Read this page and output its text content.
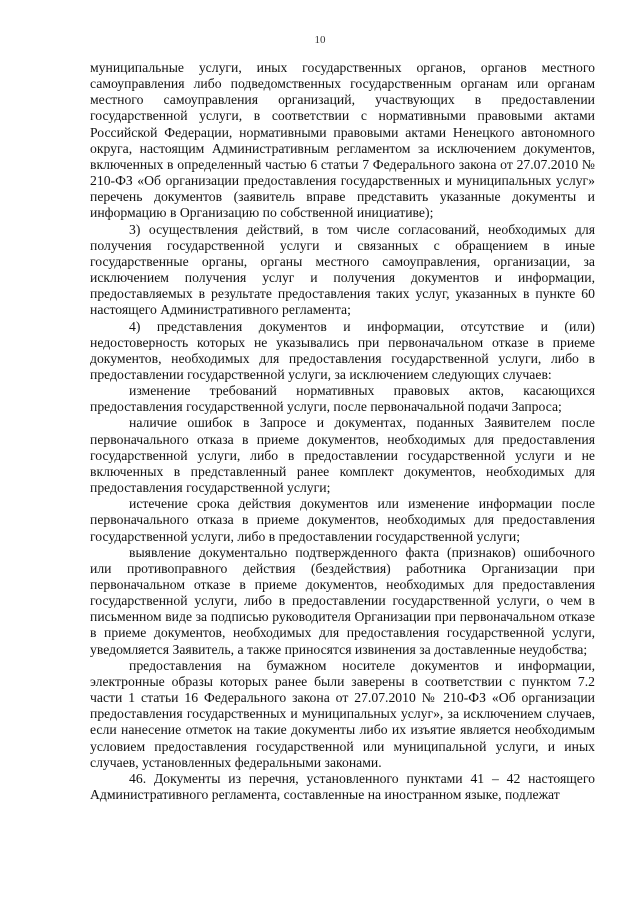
10

муниципальные услуги, иных государственных органов, органов местного самоуправления либо подведомственных государственным органам или органам местного самоуправления организаций, участвующих в предоставлении государственной услуги, в соответствии с нормативными правовыми актами Российской Федерации, нормативными правовыми актами Ненецкого автономного округа, настоящим Административным регламентом за исключением документов, включенных в определенный частью 6 статьи 7 Федерального закона от 27.07.2010 № 210-ФЗ «Об организации предоставления государственных и муниципальных услуг» перечень документов (заявитель вправе представить указанные документы и информацию в Организацию по собственной инициативе);

3) осуществления действий, в том числе согласований, необходимых для получения государственной услуги и связанных с обращением в иные государственные органы, органы местного самоуправления, организации, за исключением получения услуг и получения документов и информации, предоставляемых в результате предоставления таких услуг, указанных в пункте 60 настоящего Административного регламента;

4) представления документов и информации, отсутствие и (или) недостоверность которых не указывались при первоначальном отказе в приеме документов, необходимых для предоставления государственной услуги, либо в предоставлении государственной услуги, за исключением следующих случаев:

изменение требований нормативных правовых актов, касающихся предоставления государственной услуги, после первоначальной подачи Запроса;

наличие ошибок в Запросе и документах, поданных Заявителем после первоначального отказа в приеме документов, необходимых для предоставления государственной услуги, либо в предоставлении государственной услуги и не включенных в представленный ранее комплект документов, необходимых для предоставления государственной услуги;

истечение срока действия документов или изменение информации после первоначального отказа в приеме документов, необходимых для предоставления государственной услуги, либо в предоставлении государственной услуги;

выявление документально подтвержденного факта (признаков) ошибочного или противоправного действия (бездействия) работника Организации при первоначальном отказе в приеме документов, необходимых для предоставления государственной услуги, либо в предоставлении государственной услуги, о чем в письменном виде за подписью руководителя Организации при первоначальном отказе в приеме документов, необходимых для предоставления государственной услуги, уведомляется Заявитель, а также приносятся извинения за доставленные неудобства;

предоставления на бумажном носителе документов и информации, электронные образы которых ранее были заверены в соответствии с пунктом 7.2 части 1 статьи 16 Федерального закона от 27.07.2010 № 210-ФЗ «Об организации предоставления государственных и муниципальных услуг», за исключением случаев, если нанесение отметок на такие документы либо их изъятие является необходимым условием предоставления государственной или муниципальной услуги, и иных случаев, установленных федеральными законами.

46. Документы из перечня, установленного пунктами 41 – 42 настоящего Административного регламента, составленные на иностранном языке, подлежат
